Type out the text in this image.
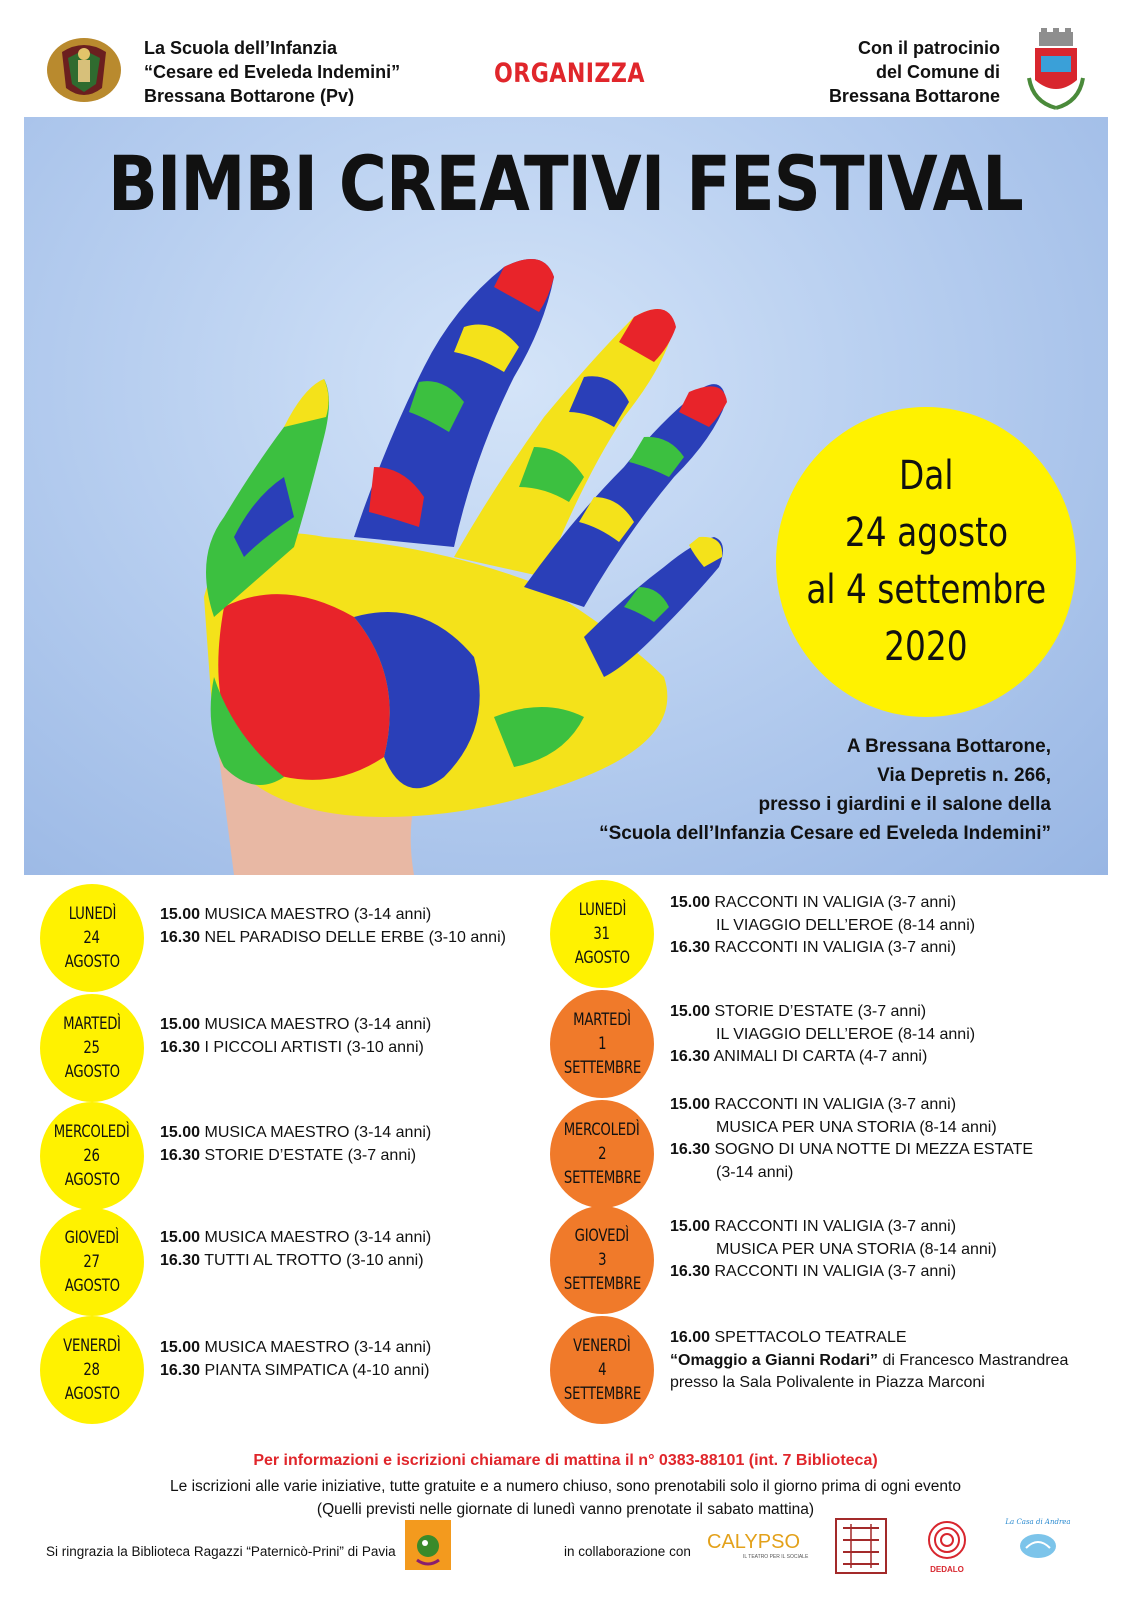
La Scuola dell’Infanzia
“Cesare ed Eveleda Indemini”
Bressana Bottarone (Pv)
ORGANIZZA
Con il patrocinio
del Comune di
Bressana Bottarone
Dal
24 agosto
al 4 settembre
2020
BIMBI CREATIVI FESTIVAL
A Bressana Bottarone,
Via Depretis n. 266,
presso i giardini e il salone della
“Scuola dell’Infanzia Cesare ed Eveleda Indemini”
LUNEDÌ
24
AGOSTO
15.00 MUSICA MAESTRO (3-14 anni)
16.30 NEL PARADISO DELLE ERBE (3-10 anni)
MARTEDÌ
25
AGOSTO
15.00 MUSICA MAESTRO (3-14 anni)
16.30 I PICCOLI ARTISTI (3-10 anni)
MERCOLEDÌ
26
AGOSTO
15.00 MUSICA MAESTRO (3-14 anni)
16.30 STORIE D’ESTATE (3-7 anni)
GIOVEDÌ
27
AGOSTO
15.00 MUSICA MAESTRO (3-14 anni)
16.30 TUTTI AL TROTTO (3-10 anni)
VENERDÌ
28
AGOSTO
15.00 MUSICA MAESTRO (3-14 anni)
16.30 PIANTA SIMPATICA (4-10 anni)
LUNEDÌ
31
AGOSTO
15.00 RACCONTI IN VALIGIA (3-7 anni)
IL VIAGGIO DELL’EROE (8-14 anni)
16.30 RACCONTI IN VALIGIA (3-7 anni)
MARTEDÌ
1
SETTEMBRE
15.00 STORIE D’ESTATE (3-7 anni)
IL VIAGGIO DELL’EROE (8-14 anni)
16.30 ANIMALI DI CARTA (4-7 anni)
MERCOLEDÌ
2
SETTEMBRE
15.00 RACCONTI IN VALIGIA (3-7 anni)
MUSICA PER UNA STORIA (8-14 anni)
16.30 SOGNO DI UNA NOTTE DI MEZZA ESTATE
(3-14 anni)
GIOVEDÌ
3
SETTEMBRE
15.00 RACCONTI IN VALIGIA (3-7 anni)
MUSICA PER UNA STORIA (8-14 anni)
16.30 RACCONTI IN VALIGIA (3-7 anni)
VENERDÌ
4
SETTEMBRE
16.00 SPETTACOLO TEATRALE
“Omaggio a Gianni Rodari” di Francesco Mastrandrea
presso la Sala Polivalente in Piazza Marconi
Per informazioni e iscrizioni chiamare di mattina il n° 0383-88101 (int. 7 Biblioteca)
Le iscrizioni alle varie iniziative, tutte gratuite e a numero chiuso, sono prenotabili solo il giorno prima di ogni evento
(Quelli previsti nelle giornate di lunedì vanno prenotate il sabato mattina)
Si ringrazia la Biblioteca Ragazzi “Paternicò-Prini” di Pavia	in collaborazione con CALYPSO
IL TEATRO PER IL SOCIALE
DEDALO
La Casa di Andrea
